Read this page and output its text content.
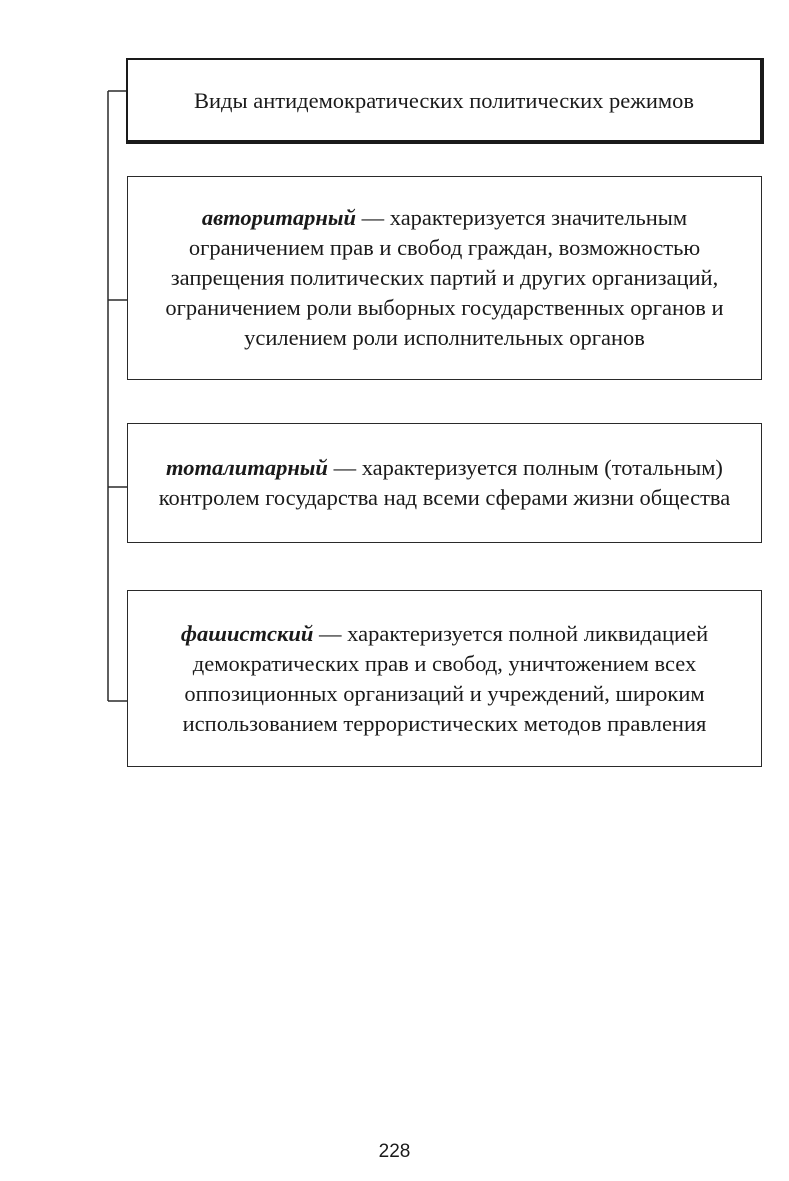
Виды антидемократических политических режимов
авторитарный — характеризуется значительным ограничением прав и свобод граждан, возможностью запрещения политических партий и других организаций, ограничением роли выборных государственных органов и усилением роли исполнительных органов
тоталитарный — характеризуется полным (тотальным) контролем государства над всеми сферами жизни общества
фашистский — характеризуется полной ликвидацией демократических прав и свобод, уничтожением всех оппозиционных организаций и учреждений, широким использованием террористических методов правления
228
